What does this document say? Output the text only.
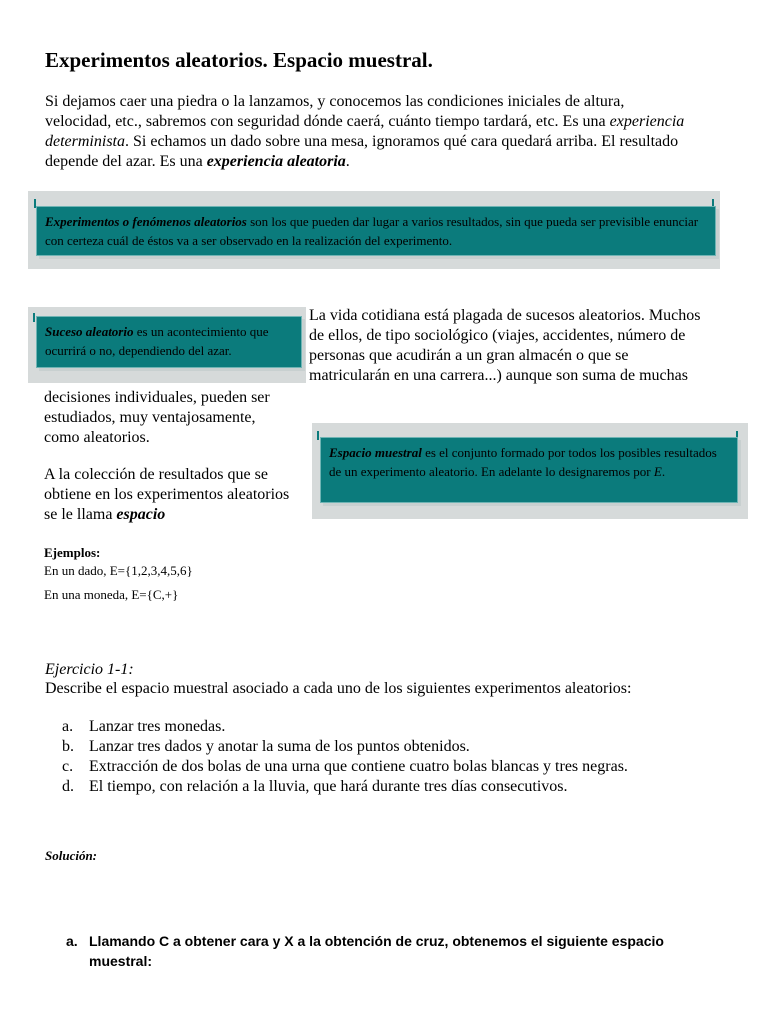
Experimentos aleatorios. Espacio muestral.
Si dejamos caer una piedra o la lanzamos, y conocemos las condiciones iniciales de altura,
velocidad, etc., sabremos con seguridad dónde caerá, cuánto tiempo tardará, etc. Es una experiencia
determinista. Si echamos un dado sobre una mesa, ignoramos qué cara quedará arriba. El resultado
depende del azar. Es una experiencia aleatoria.
Experimentos o fenómenos aleatorios son los que pueden dar lugar a varios resultados, sin que pueda ser previsible enunciar con certeza cuál de éstos va a ser observado en la realización del experimento.
Suceso aleatorio es un acontecimiento que ocurrirá o no, dependiendo del azar.
La vida cotidiana está plagada de sucesos aleatorios. Muchos
de ellos, de tipo sociológico (viajes, accidentes, número de
personas que acudirán a un gran almacén o que se
matricularán en una carrera...) aunque son suma de muchas
decisiones individuales, pueden ser
estudiados, muy ventajosamente,
como aleatorios.
A la colección de resultados que se
obtiene en los experimentos aleatorios
se le llama espacio
Espacio muestral es el conjunto formado por todos los posibles resultados de un experimento aleatorio. En adelante lo designaremos por E.
Ejemplos:
En un dado, E={1,2,3,4,5,6}
En una moneda, E={C,+}
Ejercicio 1-1:
Describe el espacio muestral asociado a cada uno de los siguientes experimentos aleatorios:
a. Lanzar tres monedas.
b. Lanzar tres dados y anotar la suma de los puntos obtenidos.
c. Extracción de dos bolas de una urna que contiene cuatro bolas blancas y tres negras.
d. El tiempo, con relación a la lluvia, que hará durante tres días consecutivos.
Solución:
a. Llamando C a obtener cara y X a la obtención de cruz, obtenemos el siguiente espacio
muestral:
